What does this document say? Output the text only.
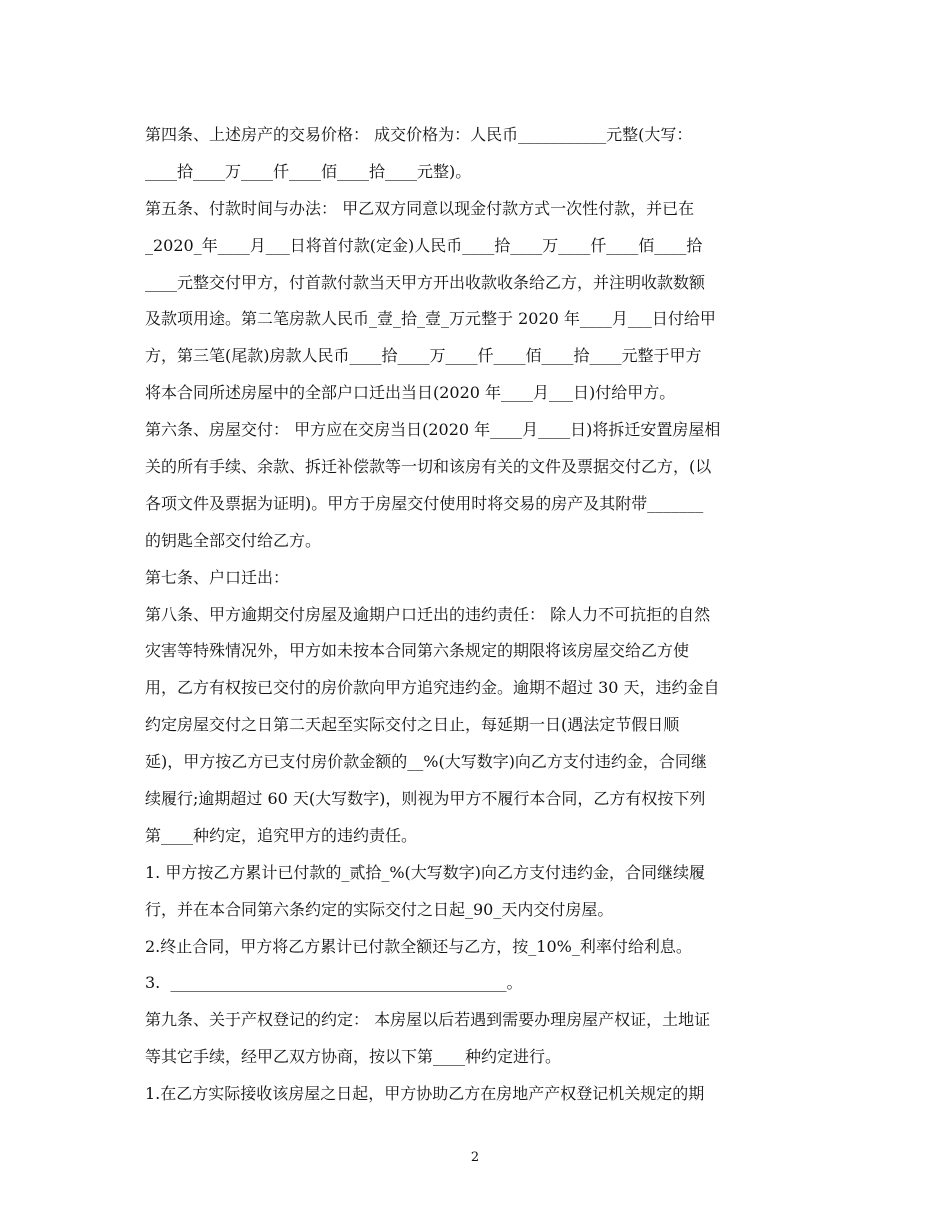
第四条、上述房产的交易价格： 成交价格为：人民币___________元整(大写：
____拾____万____仟____佰____拾____元整)。
第五条、付款时间与办法： 甲乙双方同意以现金付款方式一次性付款，并已在
_2020_年____月___日将首付款(定金)人民币____拾____万____仟____佰____拾
____元整交付甲方，付首款付款当天甲方开出收款收条给乙方，并注明收款数额
及款项用途。第二笔房款人民币_壹_拾_壹_万元整于 2020 年____月___日付给甲
方，第三笔(尾款)房款人民币____拾____万____仟____佰____拾____元整于甲方
将本合同所述房屋中的全部户口迁出当日(2020 年____月___日)付给甲方。
第六条、房屋交付： 甲方应在交房当日(2020 年____月____日)将拆迁安置房屋相
关的所有手续、余款、拆迁补偿款等一切和该房有关的文件及票据交付乙方，(以
各项文件及票据为证明)。甲方于房屋交付使用时将交易的房产及其附带_______
的钥匙全部交付给乙方。
第七条、户口迁出：
第八条、甲方逾期交付房屋及逾期户口迁出的违约责任： 除人力不可抗拒的自然
灾害等特殊情况外，甲方如未按本合同第六条规定的期限将该房屋交给乙方使
用，乙方有权按已交付的房价款向甲方追究违约金。逾期不超过 30 天，违约金自
约定房屋交付之日第二天起至实际交付之日止，每延期一日(遇法定节假日顺
延)，甲方按乙方已支付房价款金额的__%(大写数字)向乙方支付违约金，合同继
续履行;逾期超过 60 天(大写数字)，则视为甲方不履行本合同，乙方有权按下列
第____种约定，追究甲方的违约责任。
1. 甲方按乙方累计已付款的_贰拾_%(大写数字)向乙方支付违约金，合同继续履
行，并在本合同第六条约定的实际交付之日起_90_天内交付房屋。
2.终止合同，甲方将乙方累计已付款全额还与乙方，按_10%_利率付给利息。
3.  __________________________________________。
第九条、关于产权登记的约定： 本房屋以后若遇到需要办理房屋产权证，土地证
等其它手续，经甲乙双方协商，按以下第____种约定进行。
1.在乙方实际接收该房屋之日起，甲方协助乙方在房地产产权登记机关规定的期
2
